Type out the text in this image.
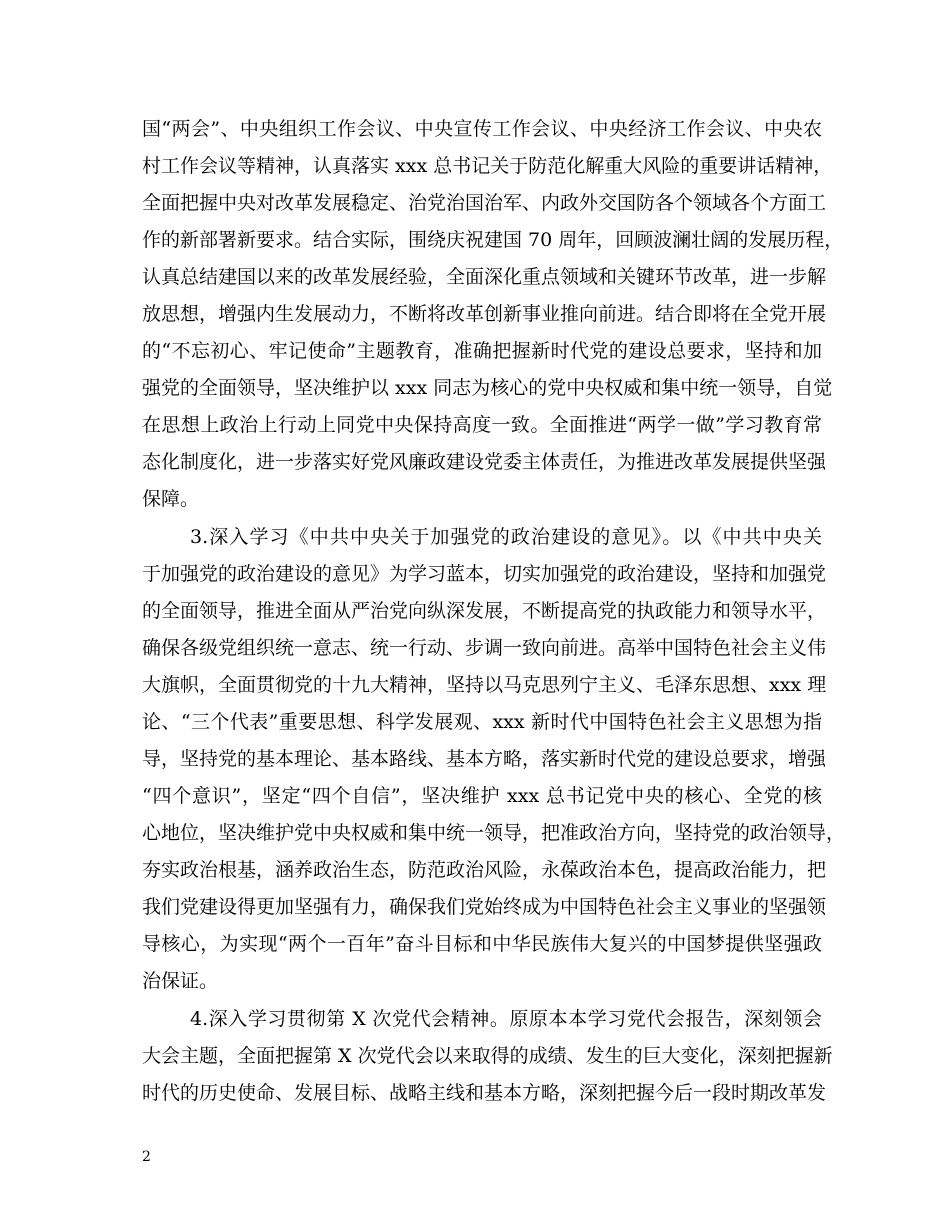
国“两会”、中央组织工作会议、中央宣传工作会议、中央经济工作会议、中央农
村工作会议等精神，认真落实 xxx 总书记关于防范化解重大风险的重要讲话精神，
全面把握中央对改革发展稳定、治党治国治军、内政外交国防各个领域各个方面工
作的新部署新要求。结合实际，围绕庆祝建国 70 周年，回顾波澜壮阔的发展历程，
认真总结建国以来的改革发展经验，全面深化重点领域和关键环节改革，进一步解
放思想，增强内生发展动力，不断将改革创新事业推向前进。结合即将在全党开展
的“不忘初心、牢记使命”主题教育，准确把握新时代党的建设总要求，坚持和加
强党的全面领导，坚决维护以 xxx 同志为核心的党中央权威和集中统一领导，自觉
在思想上政治上行动上同党中央保持高度一致。全面推进“两学一做”学习教育常
态化制度化，进一步落实好党风廉政建设党委主体责任，为推进改革发展提供坚强
保障。
3.深入学习《中共中央关于加强党的政治建设的意见》。以《中共中央关
于加强党的政治建设的意见》为学习蓝本，切实加强党的政治建设，坚持和加强党
的全面领导，推进全面从严治党向纵深发展，不断提高党的执政能力和领导水平，
确保各级党组织统一意志、统一行动、步调一致向前进。高举中国特色社会主义伟
大旗帜，全面贯彻党的十九大精神，坚持以马克思列宁主义、毛泽东思想、xxx 理
论、“三个代表”重要思想、科学发展观、xxx 新时代中国特色社会主义思想为指
导，坚持党的基本理论、基本路线、基本方略，落实新时代党的建设总要求，增强
“四个意识”，坚定“四个自信”，坚决维护 xxx 总书记党中央的核心、全党的核
心地位，坚决维护党中央权威和集中统一领导，把准政治方向，坚持党的政治领导，
夯实政治根基，涵养政治生态，防范政治风险，永葆政治本色，提高政治能力，把
我们党建设得更加坚强有力，确保我们党始终成为中国特色社会主义事业的坚强领
导核心，为实现“两个一百年”奋斗目标和中华民族伟大复兴的中国梦提供坚强政
治保证。
4.深入学习贯彻第 X 次党代会精神。原原本本学习党代会报告，深刻领会
大会主题，全面把握第 X 次党代会以来取得的成绩、发生的巨大变化，深刻把握新
时代的历史使命、发展目标、战略主线和基本方略，深刻把握今后一段时期改革发
2
